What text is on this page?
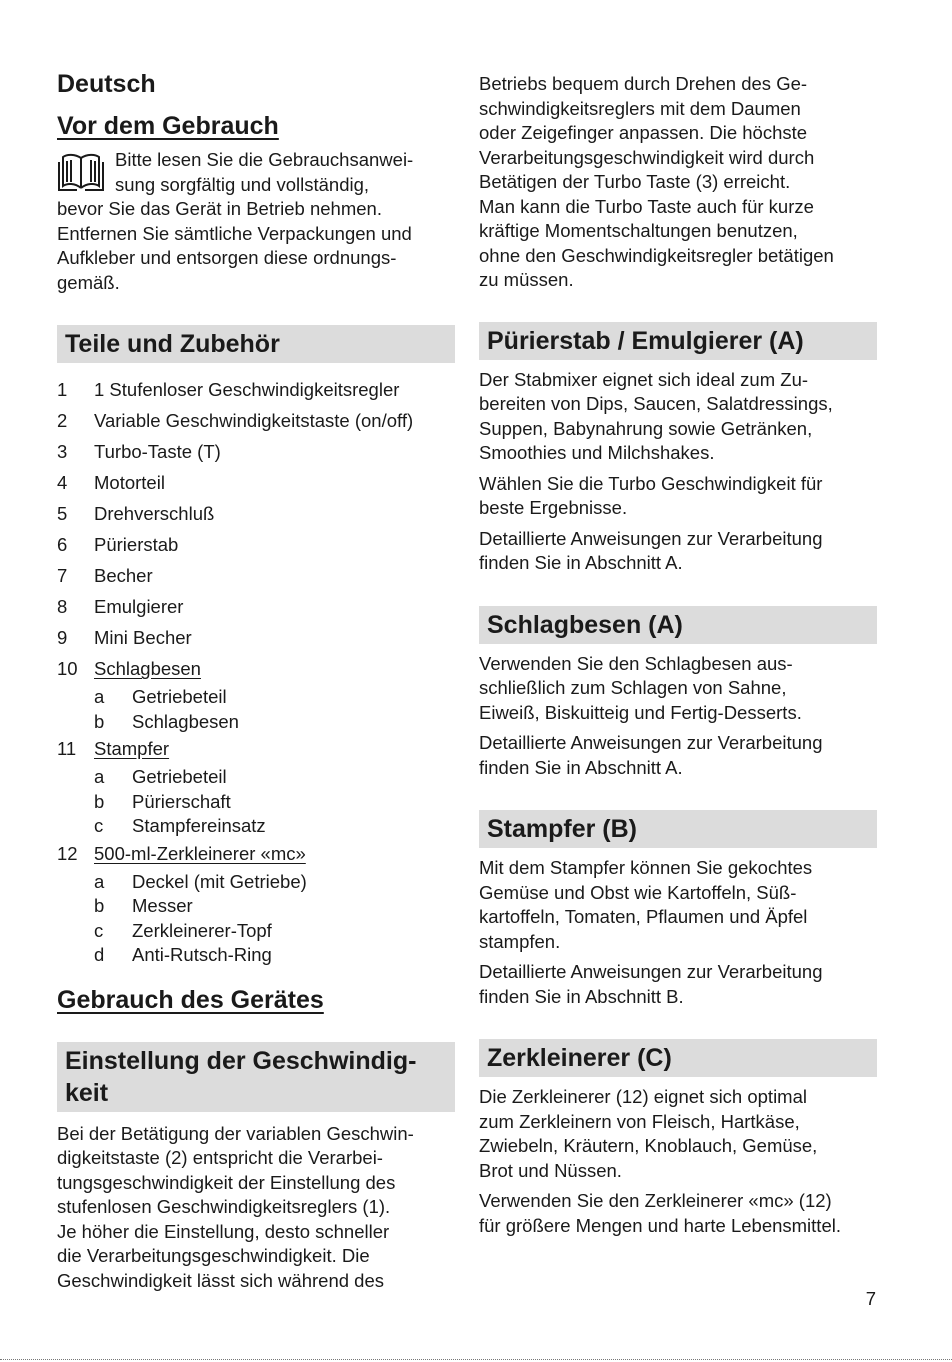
Deutsch
Vor dem Gebrauch

Bitte lesen Sie die Gebrauchsanwei-
sung sorgfältig und vollständig,
bevor Sie das Gerät in Betrieb nehmen.
Entfernen Sie sämtliche Verpackungen und
Aufkleber und entsorgen diese ordnungs-
gemäß.

Teile und Zubehör
1	1 Stufenloser Geschwindigkeitsregler
2	Variable Geschwindigkeitstaste (on/off)
3	Turbo-Taste (T)
4	Motorteil
5	Drehverschluß
6	Pürierstab
7	Becher
8	Emulgierer
9	Mini Becher
10 Schlagbesen
a	Getriebeteil
b	Schlagbesen
11 Stampfer
a	Getriebeteil
b	Pürierschaft
c	Stampfereinsatz
12 500-ml-Zerkleinerer «mc»
a	Deckel (mit Getriebe)
b	Messer
c	Zerkleinerer-Topf
d	Anti-Rutsch-Ring
Gebrauch des Gerätes
Einstellung der Geschwindig-
keit

Bei der Betätigung der variablen Geschwin-
digkeitstaste (2) entspricht die Verarbei-
tungsgeschwindigkeit der Einstellung des
stufenlosen Geschwindigkeitsreglers (1).
Je höher die Einstellung, desto schneller
die Verarbeitungsgeschwindigkeit. Die
Geschwindigkeit lässt sich während des

Betriebs bequem durch Drehen des Ge-
schwindigkeitsreglers mit dem Daumen
oder Zeigefinger anpassen. Die höchste
Verarbeitungsgeschwindigkeit wird durch
Betätigen der Turbo Taste (3) erreicht.
Man kann die Turbo Taste auch für kurze
kräftige Momentschaltungen benutzen,
ohne den Geschwindigkeitsregler betätigen
zu müssen.

Pürierstab / Emulgierer (A)

Der Stabmixer eignet sich ideal zum Zu-
bereiten von Dips, Saucen, Salatdressings,
Suppen, Babynahrung sowie Getränken,
Smoothies und Milchshakes.

Wählen Sie die Turbo Geschwindigkeit für
beste Ergebnisse.

Detaillierte Anweisungen zur Verarbeitung
finden Sie in Abschnitt A.

Schlagbesen (A)

Verwenden Sie den Schlagbesen aus-
schließlich zum Schlagen von Sahne,
Eiweiß, Biskuitteig und Fertig-Desserts.

Detaillierte Anweisungen zur Verarbeitung
finden Sie in Abschnitt A.

Stampfer (B)

Mit dem Stampfer können Sie gekochtes
Gemüse und Obst wie Kartoffeln, Süß-
kartoffeln, Tomaten, Pflaumen und Äpfel
stampfen.

Detaillierte Anweisungen zur Verarbeitung
finden Sie in Abschnitt B.

Zerkleinerer (C)

Die Zerkleinerer (12) eignet sich optimal
zum Zerkleinern von Fleisch, Hartkäse,
Zwiebeln, Kräutern, Knoblauch, Gemüse,
Brot und Nüssen.

Verwenden Sie den Zerkleinerer «mc» (12)
für größere Mengen und harte Lebensmittel.

7
